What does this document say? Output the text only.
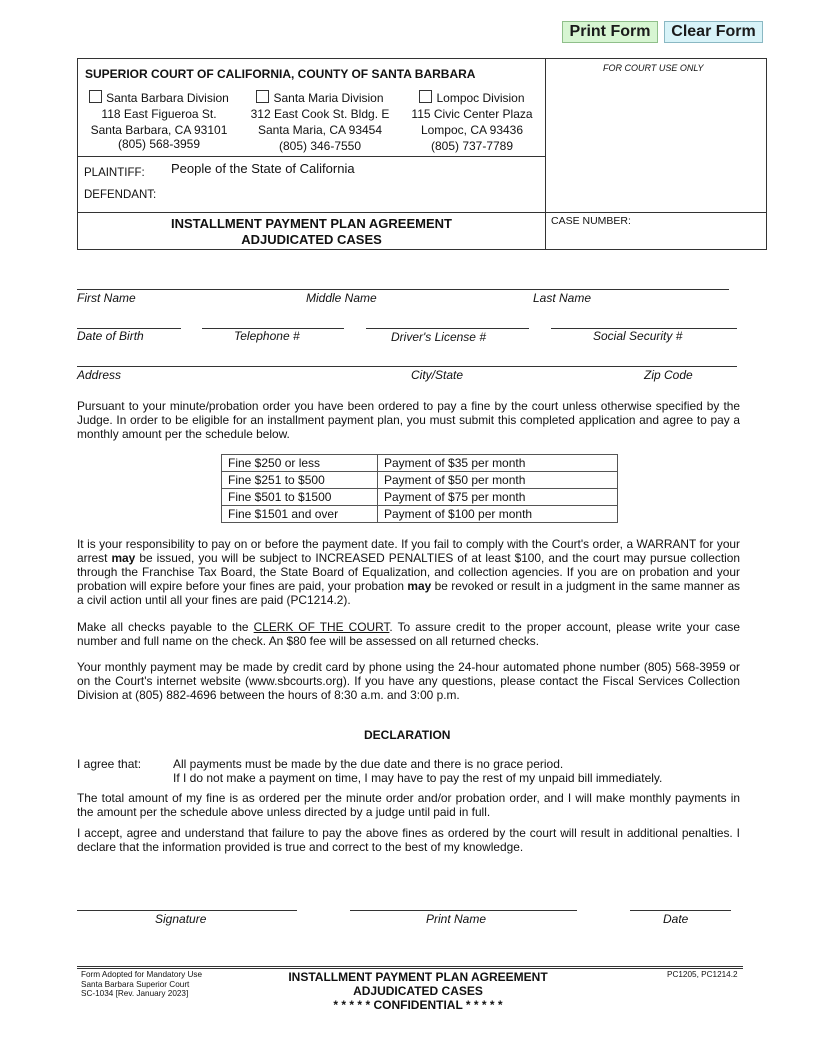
Print Form	Clear Form
SUPERIOR COURT OF CALIFORNIA, COUNTY OF SANTA BARBARA	FOR COURT USE ONLY
PLAINTIFF: People of the State of California
DEFENDANT:
INSTALLMENT PAYMENT PLAN AGREEMENT
ADJUDICATED CASES
CASE NUMBER:
Santa Barbara Division
118 East Figueroa St.
Santa Barbara, CA 93101
(805) 568-3959
Santa Maria Division
312 East Cook St. Bldg. E
Santa Maria, CA 93454
(805) 346-7550
Lompoc Division
115 Civic Center Plaza
Lompoc, CA 93436
(805) 737-7789
First Name	Middle Name	Last Name
Date of Birth	Telephone #	Driver's License #	Social Security #
Address	City/State	Zip Code
Pursuant to your minute/probation order you have been ordered to pay a fine by the court unless otherwise specified by the Judge. In order to be eligible for an installment payment plan, you must submit this completed application and agree to pay a monthly amount per the schedule below.
Fine $250 or less	Payment of $35 per month
Fine $251 to $500	Payment of $50 per month
Fine $501 to $1500	Payment of $75 per month
Fine $1501 and over	Payment of $100 per month
It is your responsibility to pay on or before the payment date. If you fail to comply with the Court's order, a WARRANT for your arrest may be issued, you will be subject to INCREASED PENALTIES of at least $100, and the court may pursue collection through the Franchise Tax Board, the State Board of Equalization, and collection agencies. If you are on probation and your probation will expire before your fines are paid, your probation may be revoked or result in a judgment in the same manner as a civil action until all your fines are paid (PC1214.2).
Make all checks payable to the CLERK OF THE COURT. To assure credit to the proper account, please write your case number and full name on the check. An $80 fee will be assessed on all returned checks.
Your monthly payment may be made by credit card by phone using the 24-hour automated phone number (805) 568-3959 or on the Court's internet website (www.sbcourts.org). If you have any questions, please contact the Fiscal Services Collection Division at (805) 882-4696 between the hours of 8:30 a.m. and 3:00 p.m.
DECLARATION
I agree that:	All payments must be made by the due date and there is no grace period.
If I do not make a payment on time, I may have to pay the rest of my unpaid bill immediately.
The total amount of my fine is as ordered per the minute order and/or probation order, and I will make monthly payments in the amount per the schedule above unless directed by a judge until paid in full.
I accept, agree and understand that failure to pay the above fines as ordered by the court will result in additional penalties. I declare that the information provided is true and correct to the best of my knowledge.
Signature	Print Name	Date
Form Adopted for Mandatory Use
Santa Barbara Superior Court
SC-1034 [Rev. January 2023]
INSTALLMENT PAYMENT PLAN AGREEMENT
ADJUDICATED CASES
* * * * * CONFIDENTIAL * * * * *
PC1205, PC1214.2
